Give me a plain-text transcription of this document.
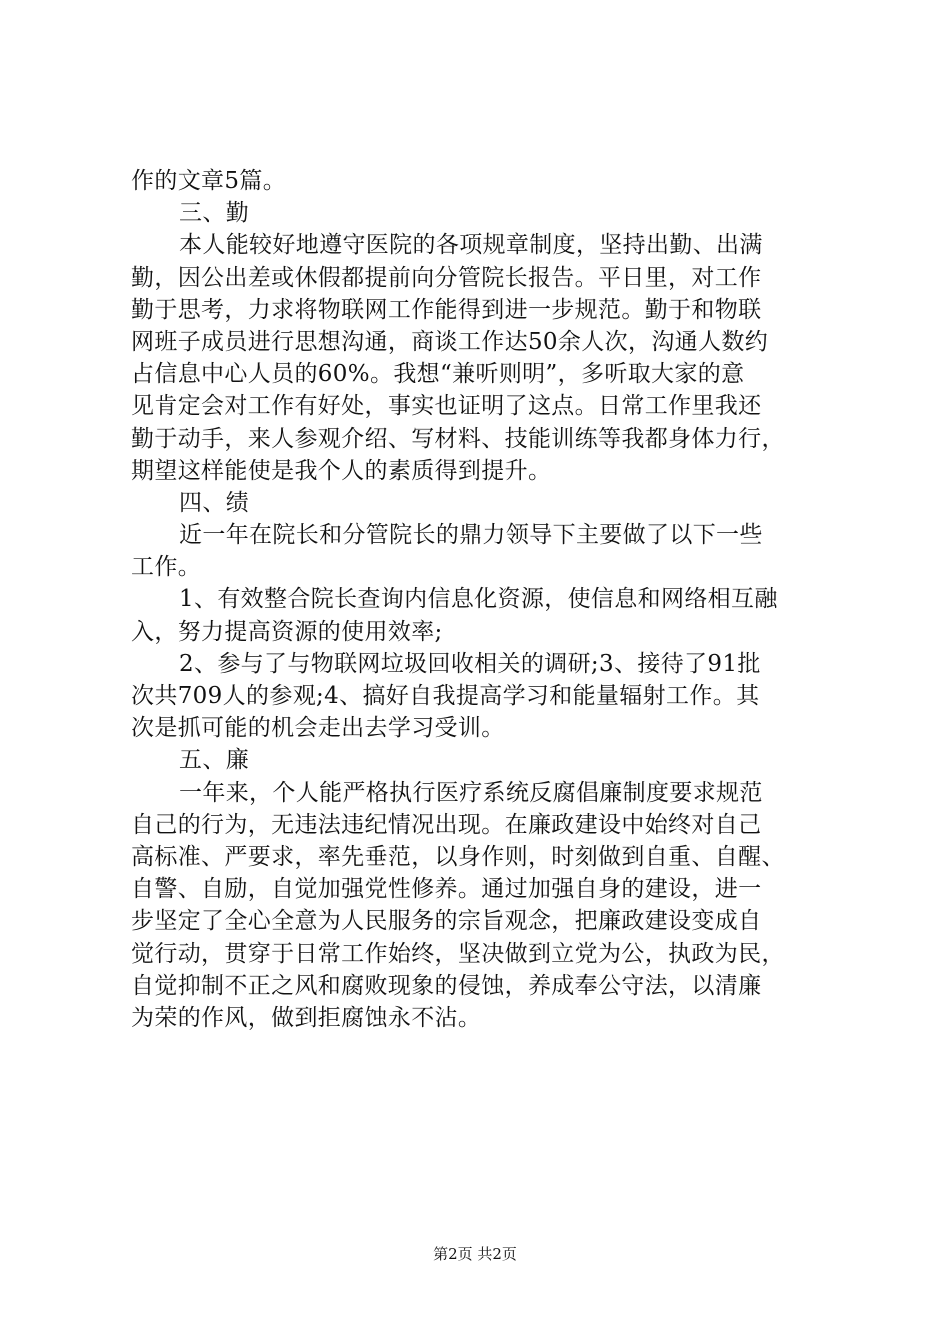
作的文章5篇。
三、勤
本人能较好地遵守医院的各项规章制度，坚持出勤、出满
勤，因公出差或休假都提前向分管院长报告。平日里，对工作
勤于思考，力求将物联网工作能得到进一步规范。勤于和物联
网班子成员进行思想沟通，商谈工作达50余人次，沟通人数约
占信息中心人员的60%。我想“兼听则明”，多听取大家的意
见肯定会对工作有好处，事实也证明了这点。日常工作里我还
勤于动手，来人参观介绍、写材料、技能训练等我都身体力行，
期望这样能使是我个人的素质得到提升。
四、绩
近一年在院长和分管院长的鼎力领导下主要做了以下一些
工作。
1、有效整合院长查询内信息化资源，使信息和网络相互融
入，努力提高资源的使用效率;
2、参与了与物联网垃圾回收相关的调研;3、接待了91批
次共709人的参观;4、搞好自我提高学习和能量辐射工作。其
次是抓可能的机会走出去学习受训。
五、廉
一年来，个人能严格执行医疗系统反腐倡廉制度要求规范
自己的行为，无违法违纪情况出现。在廉政建设中始终对自己
高标准、严要求，率先垂范，以身作则，时刻做到自重、自醒、
自警、自励，自觉加强党性修养。通过加强自身的建设，进一
步坚定了全心全意为人民服务的宗旨观念，把廉政建设变成自
觉行动，贯穿于日常工作始终，坚决做到立党为公，执政为民，
自觉抑制不正之风和腐败现象的侵蚀，养成奉公守法，以清廉
为荣的作风，做到拒腐蚀永不沾。
第2页 共2页
